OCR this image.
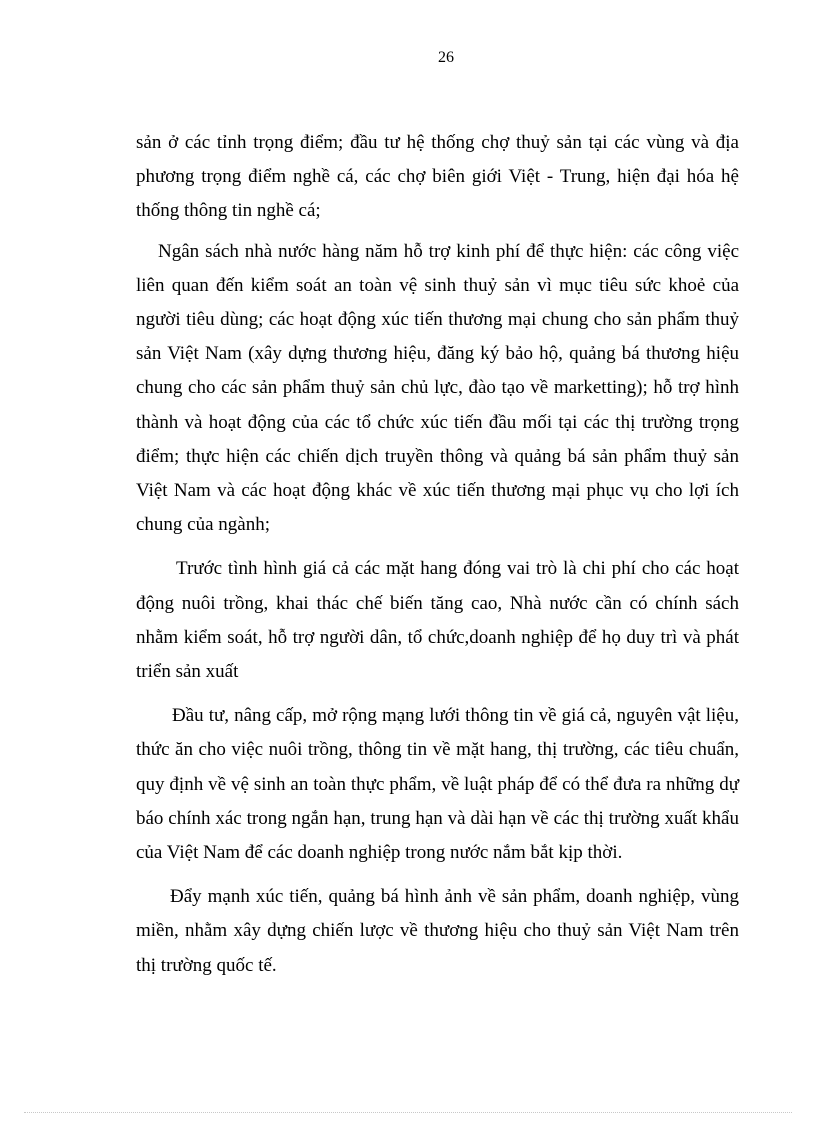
26

sản ở các tỉnh trọng điểm; đầu tư hệ thống chợ thuỷ sản tại các vùng và địa phương trọng điểm nghề cá, các chợ biên giới Việt - Trung, hiện đại hóa hệ thống thông tin nghề cá;

Ngân sách nhà nước hàng năm hỗ trợ kinh phí để thực hiện: các công việc liên quan đến kiểm soát an toàn vệ sinh thuỷ sản vì mục tiêu sức khoẻ của người tiêu dùng; các hoạt động xúc tiến thương mại chung cho sản phẩm thuỷ sản Việt Nam (xây dựng thương hiệu, đăng ký bảo hộ, quảng bá thương hiệu chung cho các sản phẩm thuỷ sản chủ lực, đào tạo về marketting); hỗ trợ hình thành và hoạt động của các tổ chức xúc tiến đầu mối tại các thị trường trọng điểm; thực hiện các chiến dịch truyền thông và quảng bá sản phẩm thuỷ sản Việt Nam và các hoạt động khác về xúc tiến thương mại phục vụ cho lợi ích chung của ngành;

Trước tình hình giá cả các mặt hang đóng vai trò là chi phí cho các hoạt động nuôi trồng, khai thác chế biến tăng cao, Nhà nước cần có chính sách nhằm kiểm soát, hỗ trợ người dân, tổ chức,doanh nghiệp để họ duy trì và phát triển sản xuất

Đầu tư, nâng cấp, mở rộng mạng lưới thông tin về giá cả, nguyên vật liệu, thức ăn cho việc nuôi trồng, thông tin về mặt hang, thị trường, các tiêu chuẩn, quy định về vệ sinh an toàn thực phẩm, về luật pháp để có thể đưa ra những dự báo chính xác trong ngắn hạn, trung hạn và dài hạn về các thị trường xuất khẩu của Việt Nam để các doanh nghiệp trong nước nắm bắt kịp thời.

Đẩy mạnh xúc tiến, quảng bá hình ảnh về sản phẩm, doanh nghiệp, vùng miền, nhằm xây dựng chiến lược về thương hiệu cho thuỷ sản Việt Nam trên thị trường quốc tế.
